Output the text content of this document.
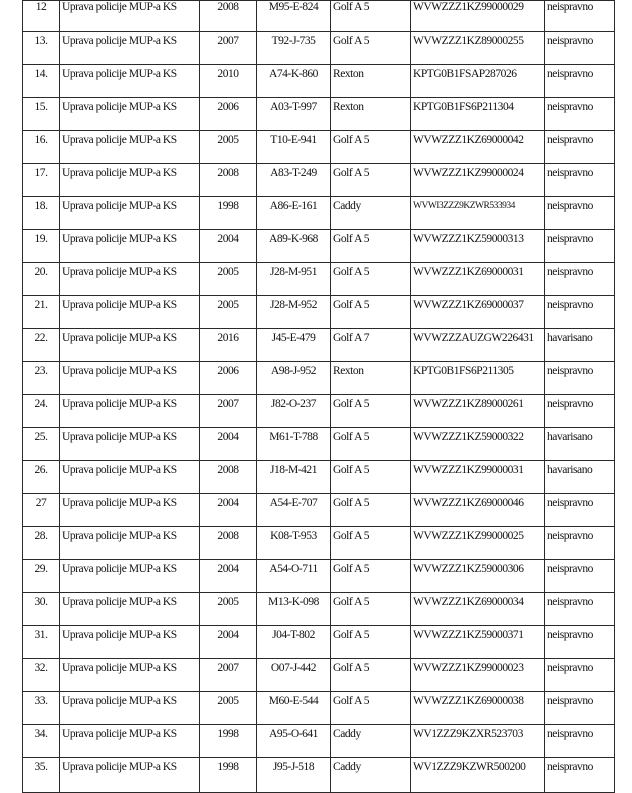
12	Uprava policije MUP-a KS	2008	M95-E-824	Golf A 5	WVWZZZ1KZ99000029	neispravno
13.	Uprava policije MUP-a KS	2007	T92-J-735	Golf A 5	WVWZZZ1KZ89000255	neispravno
14.	Uprava policije MUP-a KS	2010	A74-K-860	Rexton	KPTG0B1FSAP287026	neispravno
15.	Uprava policije MUP-a KS	2006	A03-T-997	Rexton	KPTG0B1FS6P211304	neispravno
16.	Uprava policije MUP-a KS	2005	T10-E-941	Golf A 5	WVWZZZ1KZ69000042	neispravno
17.	Uprava policije MUP-a KS	2008	A83-T-249	Golf A 5	WVWZZZ1KZ99000024	neispravno
18.	Uprava policije MUP-a KS	1998	A86-E-161	Caddy	WVWI3ZZZ9KZWR533934	neispravno
19.	Uprava policije MUP-a KS	2004	A89-K-968	Golf A 5	WVWZZZ1KZ59000313	neispravno
20.	Uprava policije MUP-a KS	2005	J28-M-951	Golf A 5	WVWZZZ1KZ69000031	neispravno
21.	Uprava policije MUP-a KS	2005	J28-M-952	Golf A 5	WVWZZZ1KZ69000037	neispravno
22.	Uprava policije MUP-a KS	2016	J45-E-479	Golf A 7	WVWZZZAUZGW226431	havarisano
23.	Uprava policije MUP-a KS	2006	A98-J-952	Rexton	KPTG0B1FS6P211305	neispravno
24.	Uprava policije MUP-a KS	2007	J82-O-237	Golf A 5	WVWZZZ1KZ89000261	neispravno
25.	Uprava policije MUP-a KS	2004	M61-T-788	Golf A 5	WVWZZZ1KZ59000322	havarisano
26.	Uprava policije MUP-a KS	2008	J18-M-421	Golf A 5	WVWZZZ1KZ99000031	havarisano
27	Uprava policije MUP-a KS	2004	A54-E-707	Golf A 5	WVWZZZ1KZ69000046	neispravno
28.	Uprava policije MUP-a KS	2008	K08-T-953	Golf A 5	WVWZZZ1KZ99000025	neispravno
29.	Uprava policije MUP-a KS	2004	A54-O-711	Golf A 5	WVWZZZ1KZ59000306	neispravno
30.	Uprava policije MUP-a KS	2005	M13-K-098	Golf A 5	WVWZZZ1KZ69000034	neispravno
31.	Uprava policije MUP-a KS	2004	J04-T-802	Golf A 5	WVWZZZ1KZ59000371	neispravno
32.	Uprava policije MUP-a KS	2007	O07-J-442	Golf A 5	WVWZZZ1KZ99000023	neispravno
33.	Uprava policije MUP-a KS	2005	M60-E-544	Golf A 5	WVWZZZ1KZ69000038	neispravno
34.	Uprava policije MUP-a KS	1998	A95-O-641	Caddy	WV1ZZZ9KZXR523703	neispravno
35.	Uprava policije MUP-a KS	1998	J95-J-518	Caddy	WV1ZZZ9KZWR500200	neispravno
